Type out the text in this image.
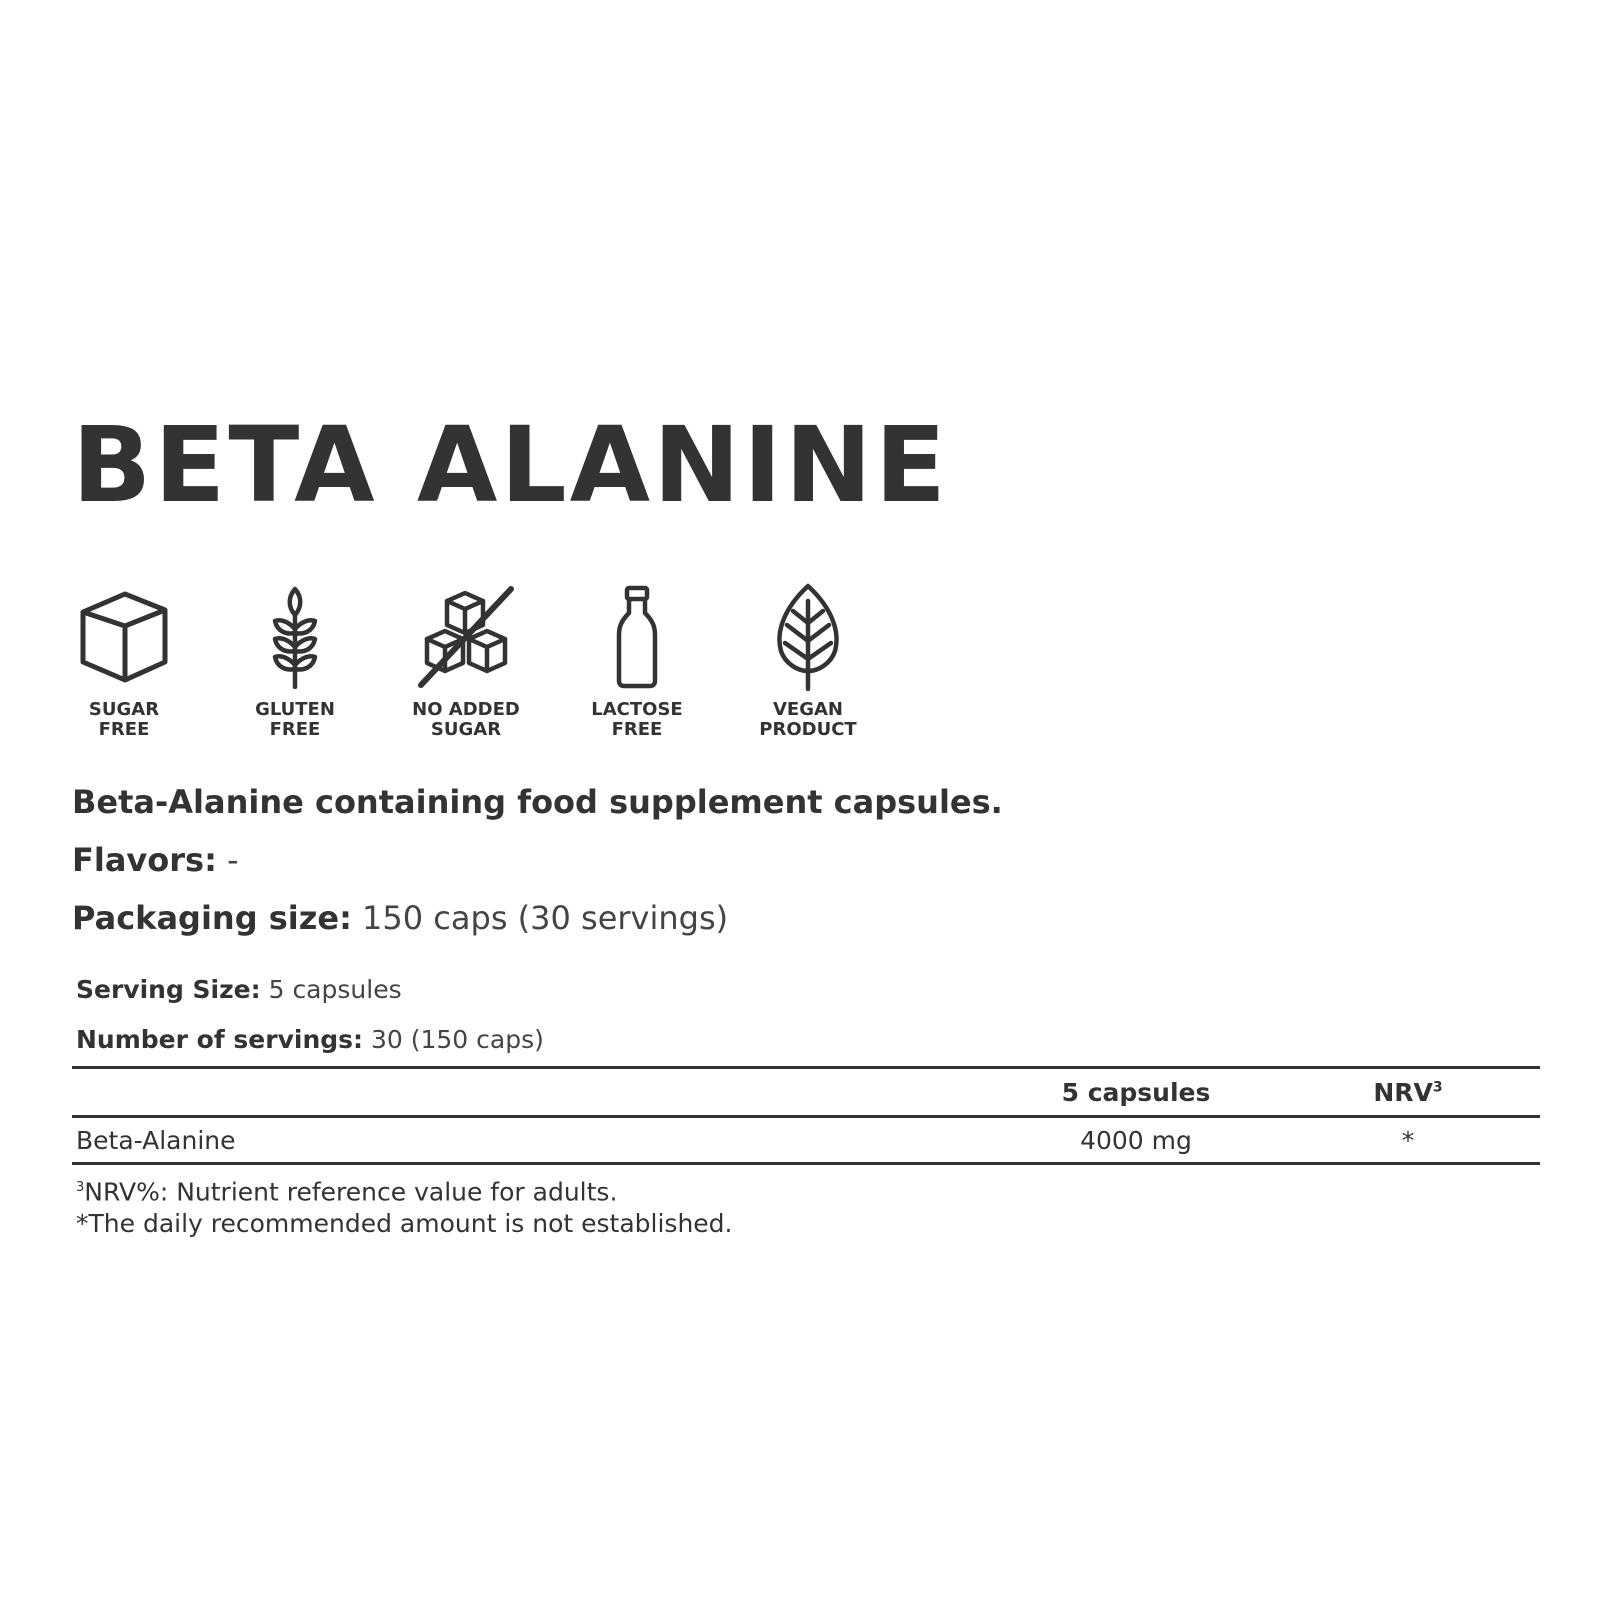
BETA ALANINE
SUGAR
FREE
GLUTEN
FREE
NO ADDED
SUGAR
LACTOSE
FREE
VEGAN
PRODUCT

Beta-Alanine containing food supplement capsules.

Flavors: -

Packaging size: 150 caps (30 servings)

Serving Size: 5 capsules

Number of servings: 30 (150 caps)

	5 capsules	NRV$^3$
Beta-Alanine	4000 mg	*

$^3$NRV%: Nutrient reference value for adults.

*The daily recommended amount is not established.
